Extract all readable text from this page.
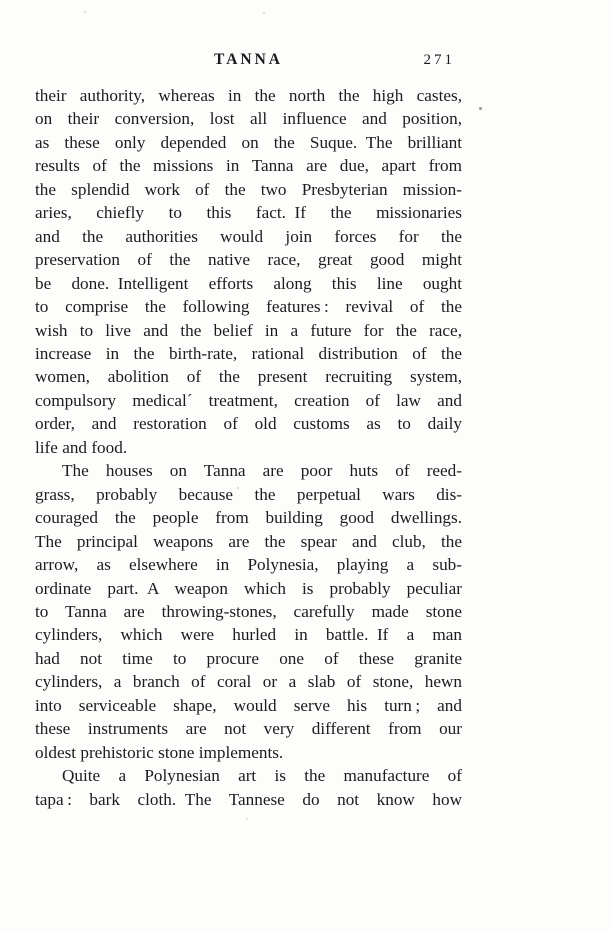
TANNA	271
their authority, whereas in the north the high castes,
on their conversion, lost all influence and position,
as these only depended on the Suque. The brilliant
results of the missions in Tanna are due, apart from
the splendid work of the two Presbyterian mission-
aries, chiefly to this fact. If the missionaries
and the authorities would join forces for the
preservation of the native race, great good might
be done. Intelligent efforts along this line ought
to comprise the following features : revival of the
wish to live and the belief in a future for the race,
increase in the birth-rate, rational distribution of the
women, abolition of the present recruiting system,
compulsory medical´ treatment, creation of law and
order, and restoration of old customs as to daily
life and food.
The houses on Tanna are poor huts of reed-
grass, probably because the perpetual wars dis-
couraged the people from building good dwellings.
The principal weapons are the spear and club, the
arrow, as elsewhere in Polynesia, playing a sub-
ordinate part. A weapon which is probably peculiar
to Tanna are throwing-stones, carefully made stone
cylinders, which were hurled in battle. If a man
had not time to procure one of these granite
cylinders, a branch of coral or a slab of stone, hewn
into serviceable shape, would serve his turn ; and
these instruments are not very different from our
oldest prehistoric stone implements.
Quite a Polynesian art is the manufacture of
tapa : bark cloth. The Tannese do not know how
